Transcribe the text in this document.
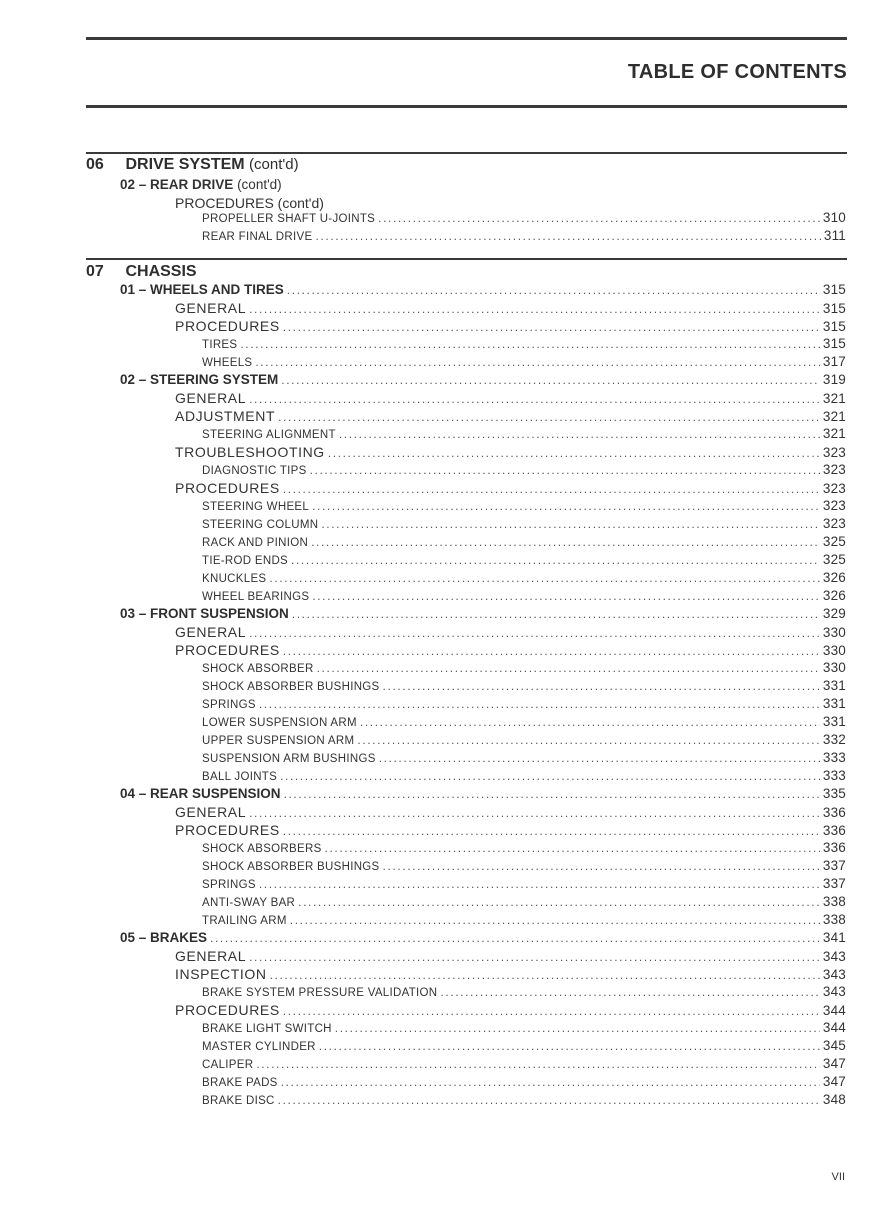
TABLE OF CONTENTS
06 DRIVE SYSTEM (cont'd)
02 – REAR DRIVE (cont'd)
PROCEDURES (cont'd)
PROPELLER SHAFT U-JOINTS .....	310
REAR FINAL DRIVE .....	311
07 CHASSIS
01 – WHEELS AND TIRES .....	315
GENERAL .....	315
PROCEDURES .....	315
TIRES .....	315
WHEELS .....	317
02 – STEERING SYSTEM .....	319
GENERAL .....	321
ADJUSTMENT .....	321
STEERING ALIGNMENT .....	321
TROUBLESHOOTING .....	323
DIAGNOSTIC TIPS .....	323
PROCEDURES .....	323
STEERING WHEEL .....	323
STEERING COLUMN .....	323
RACK AND PINION .....	325
TIE-ROD ENDS .....	325
KNUCKLES .....	326
WHEEL BEARINGS .....	326
03 – FRONT SUSPENSION .....	329
GENERAL .....	330
PROCEDURES .....	330
SHOCK ABSORBER .....	330
SHOCK ABSORBER BUSHINGS .....	331
SPRINGS .....	331
LOWER SUSPENSION ARM .....	331
UPPER SUSPENSION ARM .....	332
SUSPENSION ARM BUSHINGS .....	333
BALL JOINTS .....	333
04 – REAR SUSPENSION .....	335
GENERAL .....	336
PROCEDURES .....	336
SHOCK ABSORBERS .....	336
SHOCK ABSORBER BUSHINGS .....	337
SPRINGS .....	337
ANTI-SWAY BAR .....	338
TRAILING ARM .....	338
05 – BRAKES .....	341
GENERAL .....	343
INSPECTION .....	343
BRAKE SYSTEM PRESSURE VALIDATION .....	343
PROCEDURES .....	344
BRAKE LIGHT SWITCH .....	344
MASTER CYLINDER .....	345
CALIPER .....	347
BRAKE PADS .....	347
BRAKE DISC .....	348
VII
